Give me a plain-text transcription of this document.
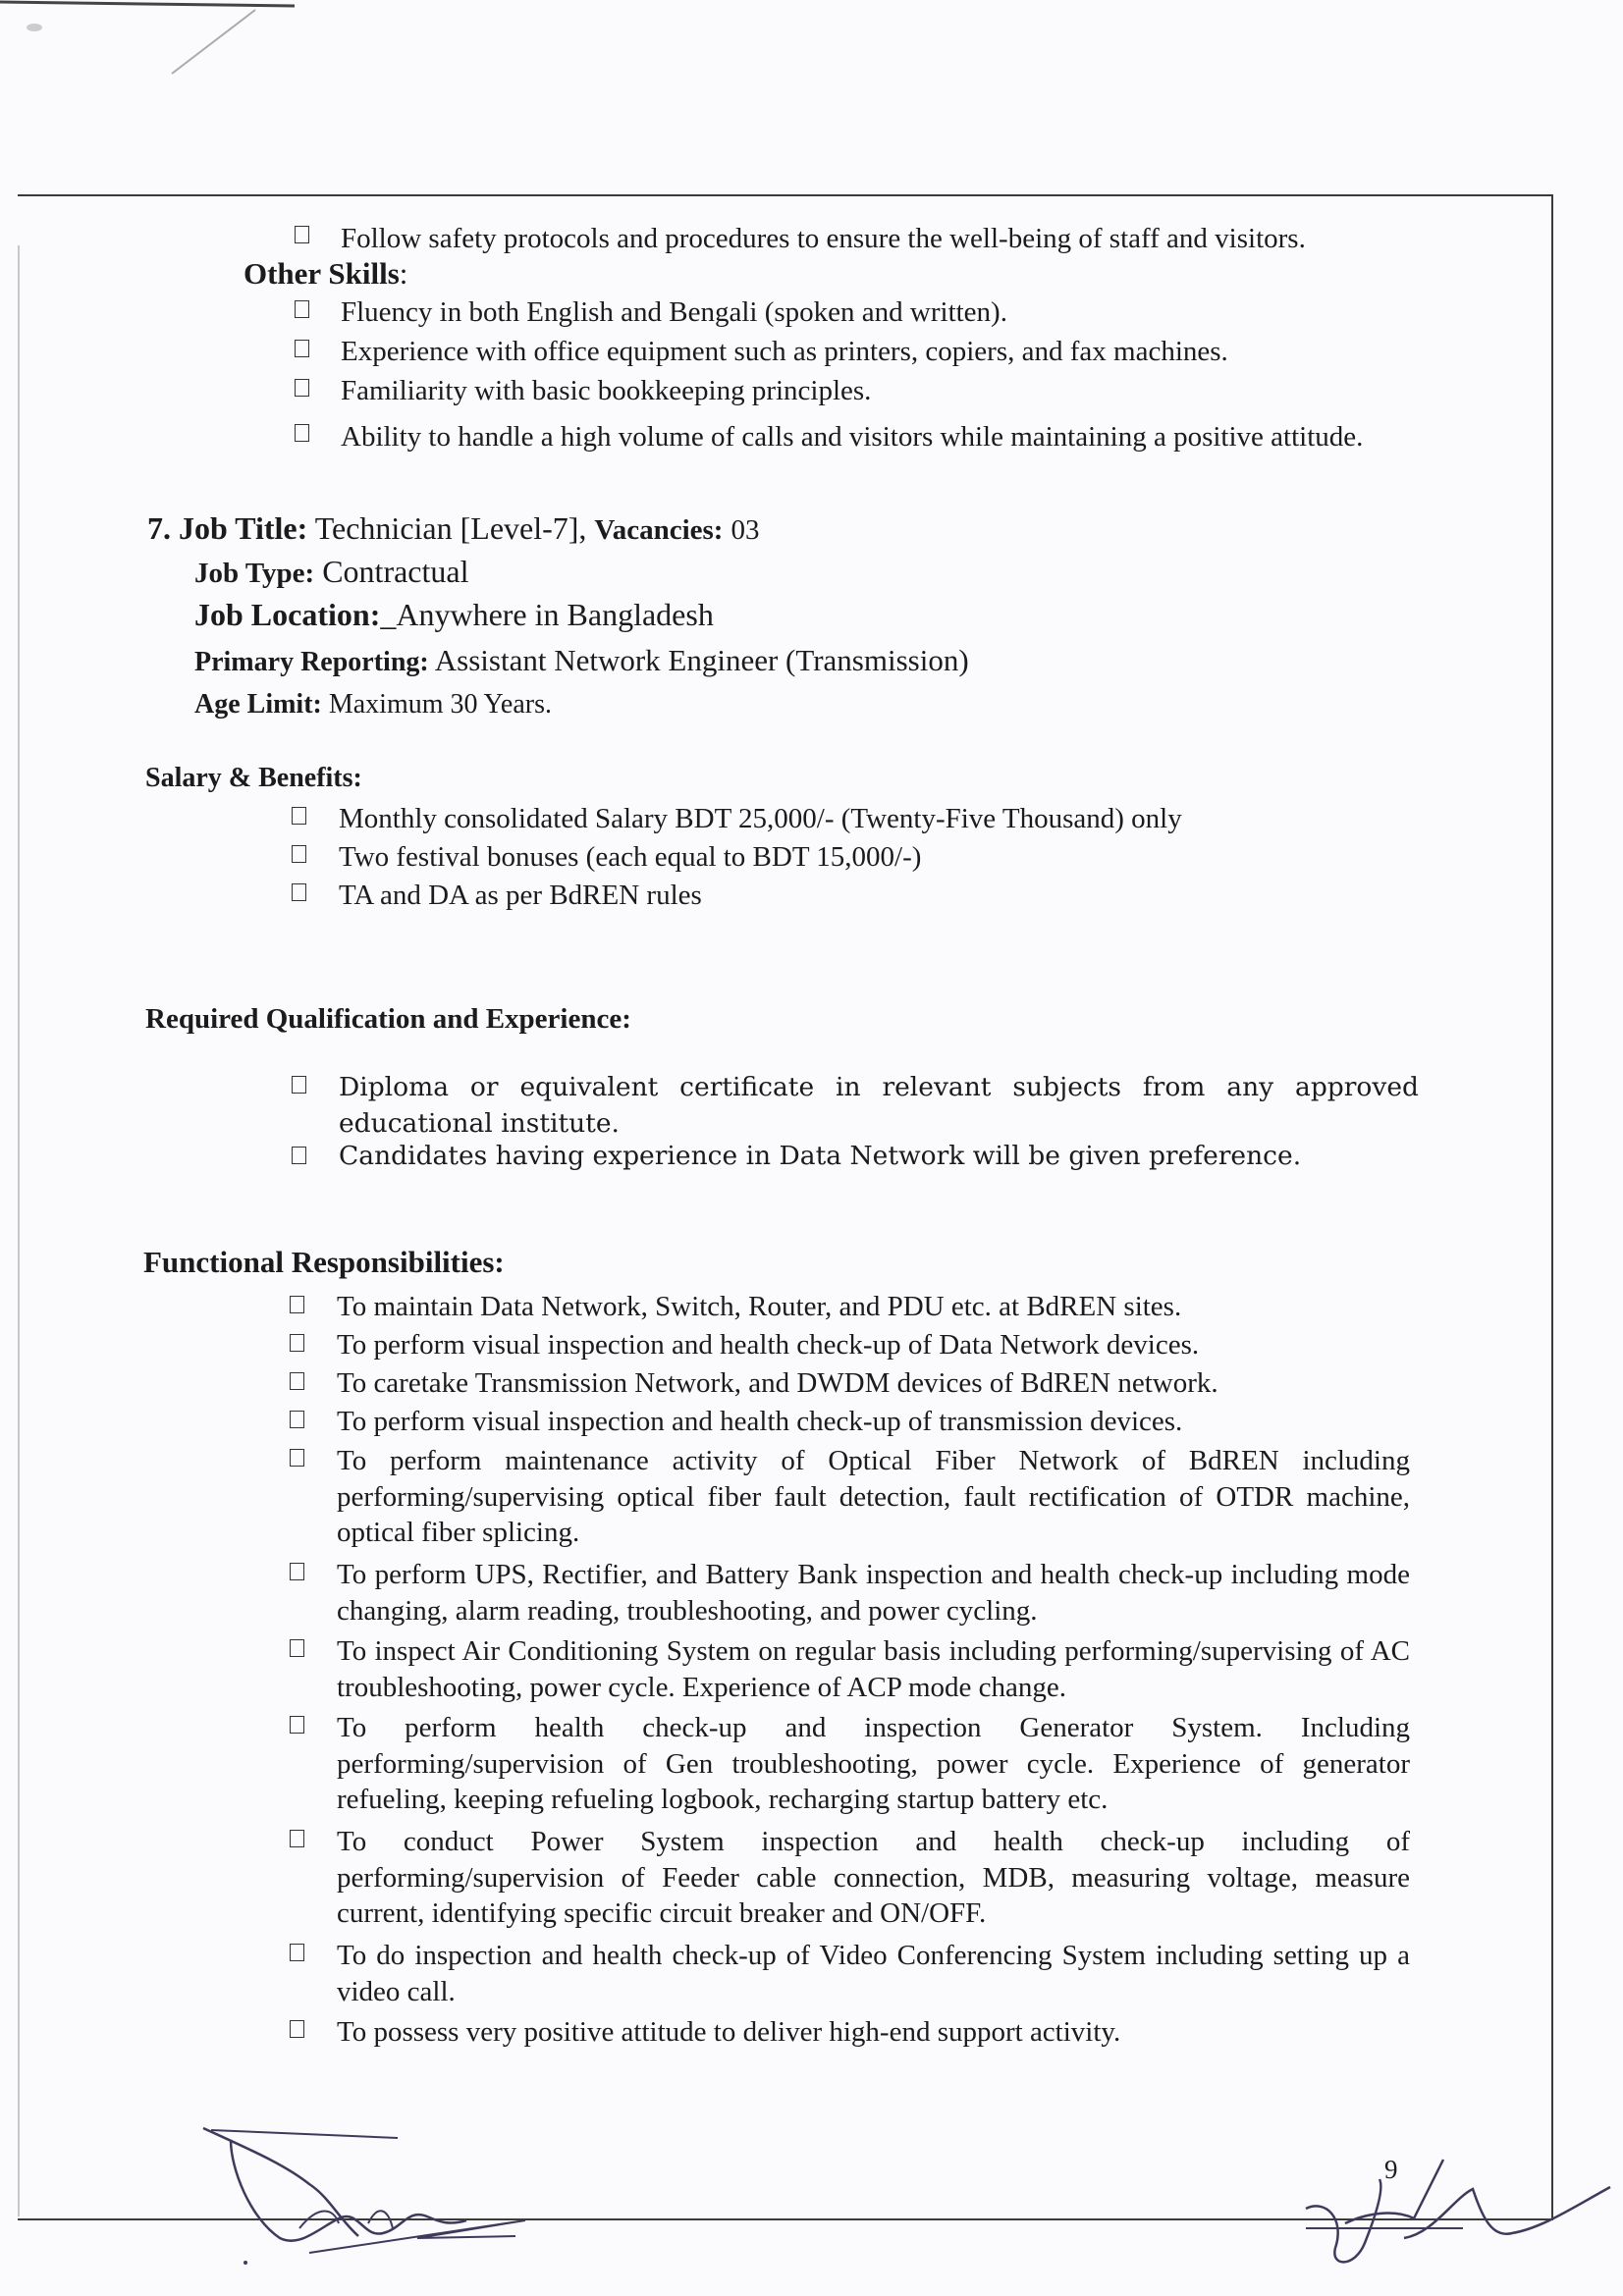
Follow safety protocols and procedures to ensure the well-being of staff and visitors.
Other Skills:
Fluency in both English and Bengali (spoken and written).
Experience with office equipment such as printers, copiers, and fax machines.
Familiarity with basic bookkeeping principles.
Ability to handle a high volume of calls and visitors while maintaining a positive attitude.
7. Job Title: Technician [Level-7], Vacancies: 03
Job Type: Contractual
Job Location:_Anywhere in Bangladesh
Primary Reporting: Assistant Network Engineer (Transmission)
Age Limit: Maximum 30 Years.
Salary & Benefits:
Monthly consolidated Salary BDT 25,000/- (Twenty-Five Thousand) only
Two festival bonuses (each equal to BDT 15,000/-)
TA and DA as per BdREN rules
Required Qualification and Experience:
Diploma or equivalent certificate in relevant subjects from any approved educational institute.
Candidates having experience in Data Network will be given preference.
Functional Responsibilities:
To maintain Data Network, Switch, Router, and PDU etc. at BdREN sites.
To perform visual inspection and health check-up of Data Network devices.
To caretake Transmission Network, and DWDM devices of BdREN network.
To perform visual inspection and health check-up of transmission devices.
To perform maintenance activity of Optical Fiber Network of BdREN including performing/supervising optical fiber fault detection, fault rectification of OTDR machine, optical fiber splicing.
To perform UPS, Rectifier, and Battery Bank inspection and health check-up including mode changing, alarm reading, troubleshooting, and power cycling.
To inspect Air Conditioning System on regular basis including performing/supervising of AC troubleshooting, power cycle. Experience of ACP mode change.
To perform health check-up and inspection Generator System. Including performing/supervision of Gen troubleshooting, power cycle. Experience of generator refueling, keeping refueling logbook, recharging startup battery etc.
To conduct Power System inspection and health check-up including of performing/supervision of Feeder cable connection, MDB, measuring voltage, measure current, identifying specific circuit breaker and ON/OFF.
To do inspection and health check-up of Video Conferencing System including setting up a video call.
To possess very positive attitude to deliver high-end support activity.
9
